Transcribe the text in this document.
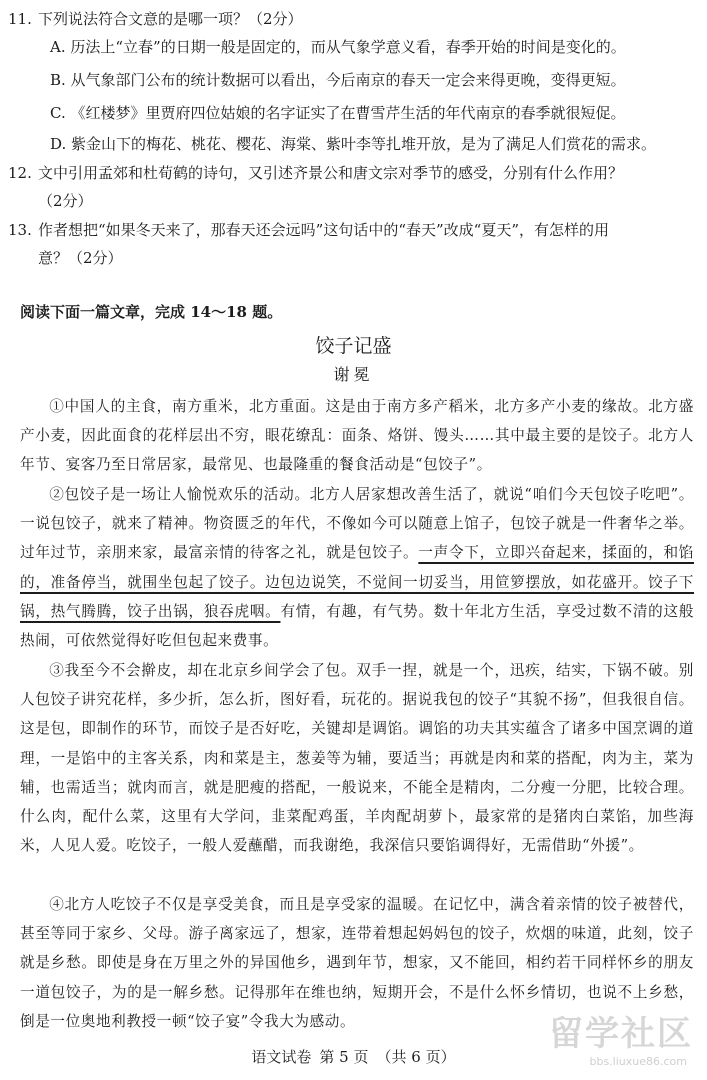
11. 下列说法符合文意的是哪一项？（2分）
A. 历法上“立春”的日期一般是固定的，而从气象学意义看，春季开始的时间是变化的。
B. 从气象部门公布的统计数据可以看出，今后南京的春天一定会来得更晚，变得更短。
C. 《红楼梦》里贾府四位姑娘的名字证实了在曹雪芹生活的年代南京的春季就很短促。
D. 紫金山下的梅花、桃花、樱花、海棠、紫叶李等扎堆开放，是为了满足人们赏花的需求。
12. 文中引用孟郊和杜荀鹤的诗句，又引述齐景公和唐文宗对季节的感受，分别有什么作用？
（2分）
13. 作者想把“如果冬天来了，那春天还会远吗”这句话中的“春天”改成“夏天”，有怎样的用
意？（2分）
阅读下面一篇文章，完成 14～18 题。
饺子记盛
谢冕

①中国人的主食，南方重米，北方重面。这是由于南方多产稻米，北方多产小麦的缘故。北方盛产小麦，因此面食的花样层出不穷，眼花缭乱：面条、烙饼、馒头……其中最主要的是饺子。北方人年节、宴客乃至日常居家，最常见、也最隆重的餐食活动是“包饺子”。

②包饺子是一场让人愉悦欢乐的活动。北方人居家想改善生活了，就说“咱们今天包饺子吃吧”。一说包饺子，就来了精神。物资匮乏的年代，不像如今可以随意上馆子，包饺子就是一件奢华之举。过年过节，亲朋来家，最富亲情的待客之礼，就是包饺子。一声令下，立即兴奋起来，揉面的，和馅的，准备停当，就围坐包起了饺子。边包边说笑，不觉间一切妥当，用笸箩摆放，如花盛开。饺子下锅，热气腾腾，饺子出锅，狼吞虎咽。有情，有趣，有气势。数十年北方生活，享受过数不清的这般热闹，可依然觉得好吃但包起来费事。

③我至今不会擀皮，却在北京乡间学会了包。双手一捏，就是一个，迅疾，结实，下锅不破。别人包饺子讲究花样，多少折，怎么折，图好看，玩花的。据说我包的饺子“其貌不扬”，但我很自信。这是包，即制作的环节，而饺子是否好吃，关键却是调馅。调馅的功夫其实蕴含了诸多中国烹调的道理，一是馅中的主客关系，肉和菜是主，葱姜等为辅，要适当；再就是肉和菜的搭配，肉为主，菜为辅，也需适当；就肉而言，就是肥瘦的搭配，一般说来，不能全是精肉，二分瘦一分肥，比较合理。什么肉，配什么菜，这里有大学问，韭菜配鸡蛋，羊肉配胡萝卜，最家常的是猪肉白菜馅，加些海米，人见人爱。吃饺子，一般人爱蘸醋，而我谢绝，我深信只要馅调得好，无需借助“外援”。

④北方人吃饺子不仅是享受美食，而且是享受家的温暖。在记忆中，满含着亲情的饺子被替代，甚至等同于家乡、父母。游子离家远了，想家，连带着想起妈妈包的饺子，炊烟的味道，此刻，饺子就是乡愁。即使是身在万里之外的异国他乡，遇到年节，想家，又不能回，相约若干同样怀乡的朋友一道包饺子，为的是一解乡愁。记得那年在维也纳，短期开会，不是什么怀乡情切，也说不上乡愁，倒是一位奥地利教授一顿“饺子宴”令我大为感动。

语文试卷 第 5 页 （共 6 页）
留学社区
bbs.liuxue86.com
